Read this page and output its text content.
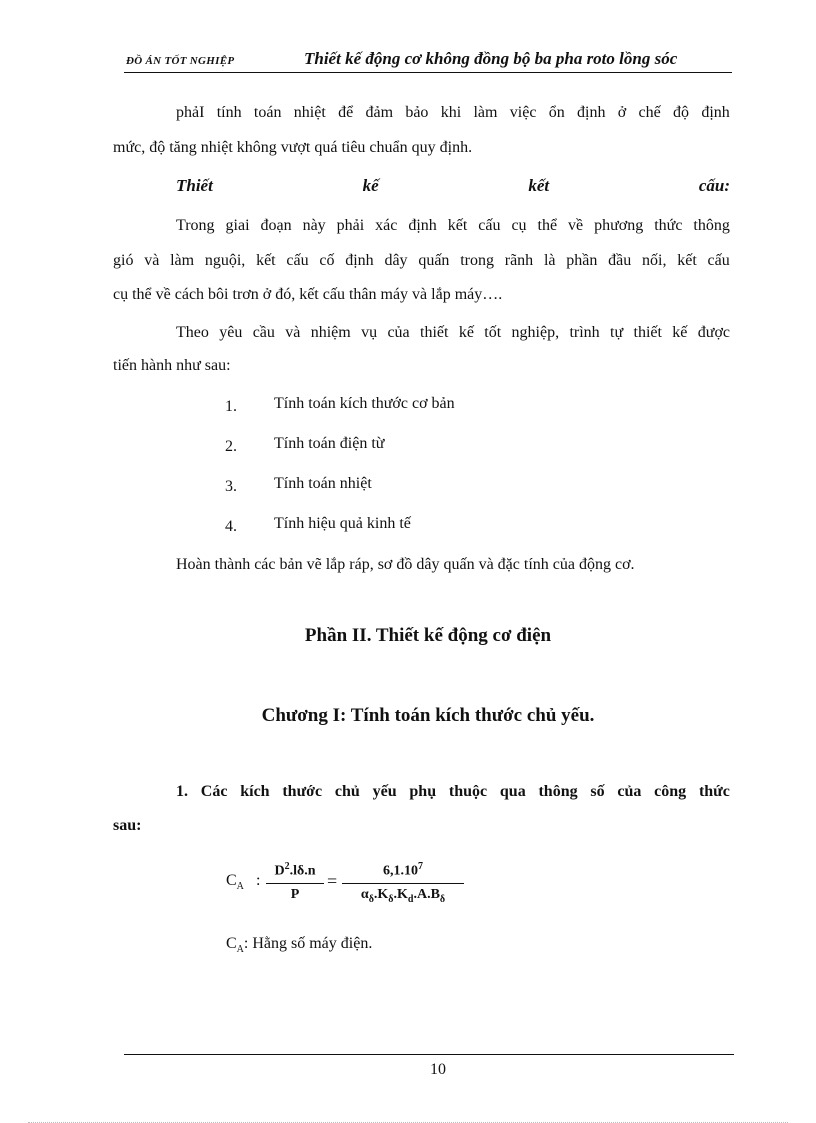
ĐỒ ÁN TỐT NGHIỆP	Thiết kế động cơ không đồng bộ ba pha roto lồng sóc
phảI tính toán nhiệt để đảm bảo khi làm việc ổn định ở chế độ định
mức, độ tăng nhiệt không vượt quá tiêu chuẩn quy định.
Thiết	kế	kết	cấu:
Trong giai đoạn này phải xác định kết cấu cụ thể về phương thức thông
gió và làm nguội, kết cấu cố định dây quấn trong rãnh là phần đầu nối, kết cấu
cụ thể về cách bôi trơn ở đó, kết cấu thân máy và lắp máy….
Theo yêu cầu và nhiệm vụ của thiết kế tốt nghiệp, trình tự thiết kế được
tiến hành như sau:
1. Tính toán kích thước cơ bản
2. Tính toán điện từ
3. Tính toán nhiệt
4. Tính hiệu quả kinh tế
Hoàn thành các bản vẽ lắp ráp, sơ đồ dây quấn và đặc tính của động cơ.
Phần II. Thiết kế động cơ điện
Chương I: Tính toán kích thước chủ yếu.
1. Các kích thước chủ yếu phụ thuộc qua thông số của công thức
sau:
$C_A$ :
$D^2.l\delta.n$
P
=	$6,1.10^7$
$\alpha_\delta.K_\delta.K_d.A.B_\delta$
$C_A$: Hằng số máy điện.
10
